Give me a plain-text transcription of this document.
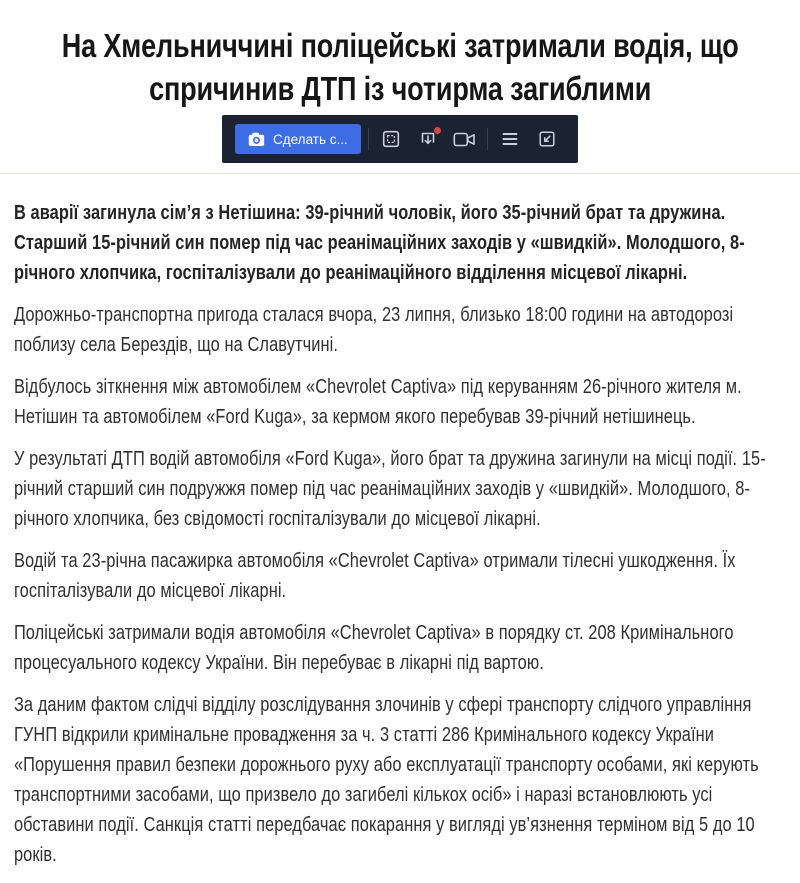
На Хмельниччині поліцейські затримали водія, що спричинив ДТП із чотирма загиблими
Сделать с...

В аварії загинула сім’я з Нетішина: 39-річний чоловік, його 35-річний брат та дружина. Старший 15-річний син помер під час реанімаційних заходів у «швидкій». Молодшого, 8-річного хлопчика, госпіталізували до реанімаційного відділення місцевої лікарні.

Дорожньо-транспортна пригода сталася вчора, 23 липня, близько 18:00 години на автодорозі поблизу села Берездів, що на Славутчині.

Відбулось зіткнення між автомобілем «Chevrolet Captiva» під керуванням 26-річного жителя м. Нетішин та автомобілем «Ford Kuga», за кермом якого перебував 39-річний нетішинець.

У результаті ДТП водій автомобіля «Ford Kuga», його брат та дружина загинули на місці події. 15-річний старший син подружжя помер під час реанімаційних заходів у «швидкій». Молодшого, 8-річного хлопчика, без свідомості госпіталізували до місцевої лікарні.

Водій та 23-річна пасажирка автомобіля «Chevrolet Captiva» отримали тілесні ушкодження. Їх госпіталізували до місцевої лікарні.

Поліцейські затримали водія автомобіля «Chevrolet Captiva» в порядку ст. 208 Кримінального процесуального кодексу України. Він перебуває в лікарні під вартою.

За даним фактом слідчі відділу розслідування злочинів у сфері транспорту слідчого управління ГУНП відкрили кримінальне провадження за ч. 3 статті 286 Кримінального кодексу України «Порушення правил безпеки дорожнього руху або експлуатації транспорту особами, які керують транспортними засобами, що призвело до загибелі кількох осіб» і наразі встановлюють усі обставини події. Санкція статті передбачає покарання у вигляді ув’язнення терміном від 5 до 10 років.
